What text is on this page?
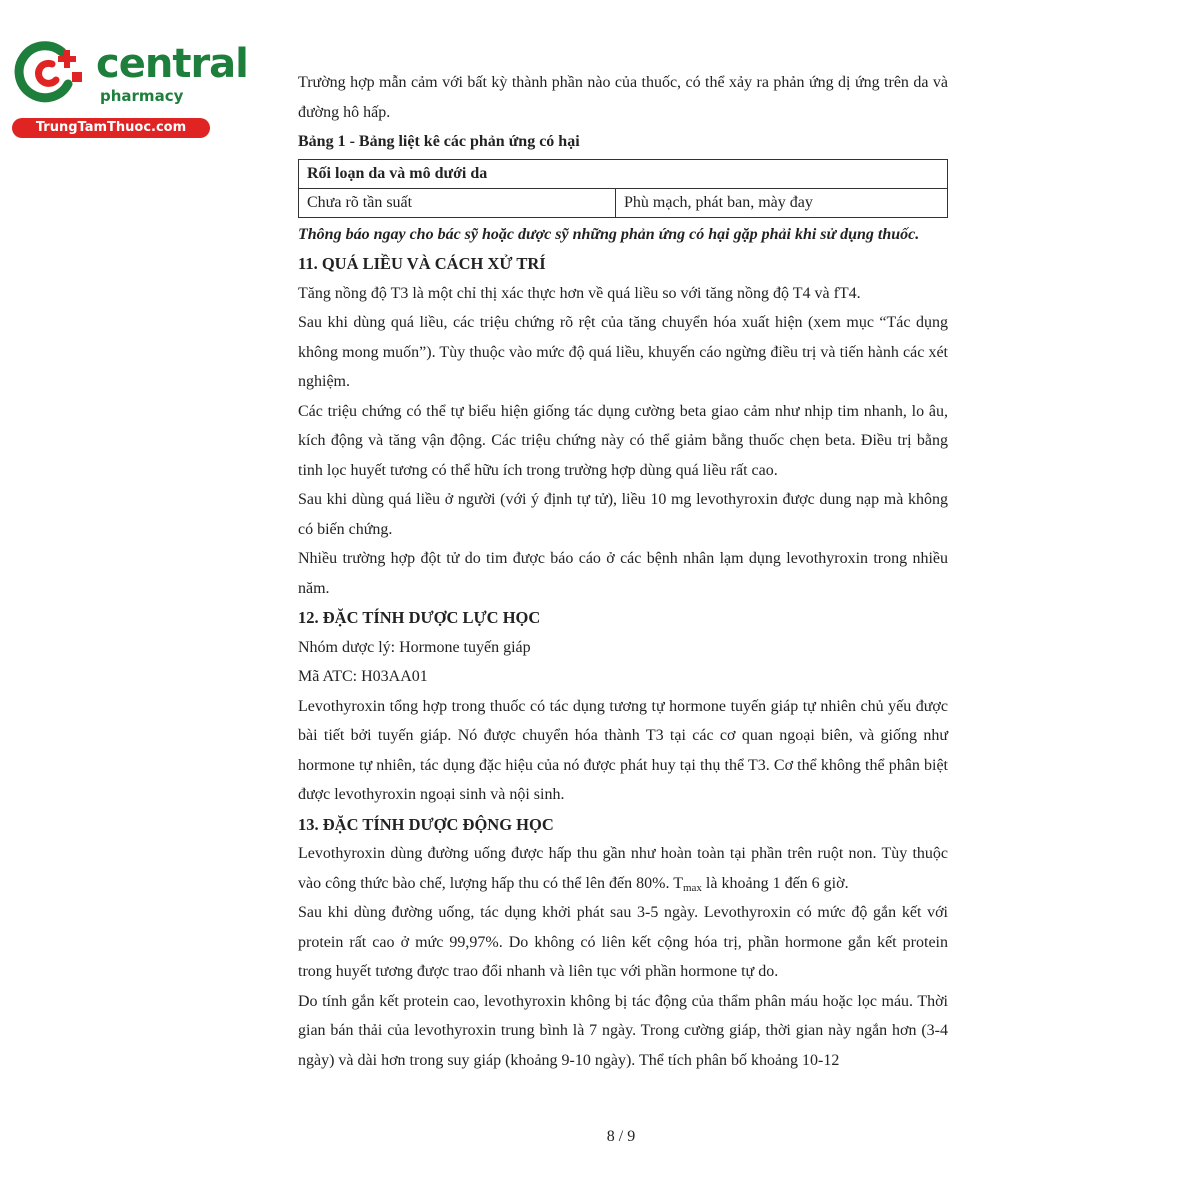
central
pharmacy
TrungTamThuoc.com

Trường hợp mẫn cảm với bất kỳ thành phần nào của thuốc, có thể xảy ra phản ứng dị ứng trên da và đường hô hấp.

Bảng 1 - Bảng liệt kê các phản ứng có hại

Rối loạn da và mô dưới da
Chưa rõ tần suất	Phù mạch, phát ban, mày đay

Thông báo ngay cho bác sỹ hoặc dược sỹ những phản ứng có hại gặp phải khi sử dụng thuốc.

11. QUÁ LIỀU VÀ CÁCH XỬ TRÍ

Tăng nồng độ T3 là một chỉ thị xác thực hơn về quá liều so với tăng nồng độ T4 và fT4.

Sau khi dùng quá liều, các triệu chứng rõ rệt của tăng chuyển hóa xuất hiện (xem mục “Tác dụng không mong muốn”). Tùy thuộc vào mức độ quá liều, khuyến cáo ngừng điều trị và tiến hành các xét nghiệm.

Các triệu chứng có thể tự biểu hiện giống tác dụng cường beta giao cảm như nhịp tim nhanh, lo âu, kích động và tăng vận động. Các triệu chứng này có thể giảm bằng thuốc chẹn beta. Điều trị bằng tinh lọc huyết tương có thể hữu ích trong trường hợp dùng quá liều rất cao.

Sau khi dùng quá liều ở người (với ý định tự tử), liều 10 mg levothyroxin được dung nạp mà không có biến chứng.

Nhiều trường hợp đột tử do tim được báo cáo ở các bệnh nhân lạm dụng levothyroxin trong nhiều năm.

12. ĐẶC TÍNH DƯỢC LỰC HỌC

Nhóm dược lý: Hormone tuyến giáp

Mã ATC: H03AA01

Levothyroxin tổng hợp trong thuốc có tác dụng tương tự hormone tuyến giáp tự nhiên chủ yếu được bài tiết bởi tuyến giáp. Nó được chuyển hóa thành T3 tại các cơ quan ngoại biên, và giống như hormone tự nhiên, tác dụng đặc hiệu của nó được phát huy tại thụ thể T3. Cơ thể không thể phân biệt được levothyroxin ngoại sinh và nội sinh.

13. ĐẶC TÍNH DƯỢC ĐỘNG HỌC

Levothyroxin dùng đường uống được hấp thu gần như hoàn toàn tại phần trên ruột non. Tùy thuộc vào công thức bào chế, lượng hấp thu có thể lên đến 80%. $T_{max}$ là khoảng 1 đến 6 giờ.

Sau khi dùng đường uống, tác dụng khởi phát sau 3-5 ngày. Levothyroxin có mức độ gắn kết với protein rất cao ở mức 99,97%. Do không có liên kết cộng hóa trị, phần hormone gắn kết protein trong huyết tương được trao đổi nhanh và liên tục với phần hormone tự do.

Do tính gắn kết protein cao, levothyroxin không bị tác động của thẩm phân máu hoặc lọc máu. Thời gian bán thải của levothyroxin trung bình là 7 ngày. Trong cường giáp, thời gian này ngắn hơn (3-4 ngày) và dài hơn trong suy giáp (khoảng 9-10 ngày). Thể tích phân bố khoảng 10-12

8 / 9
